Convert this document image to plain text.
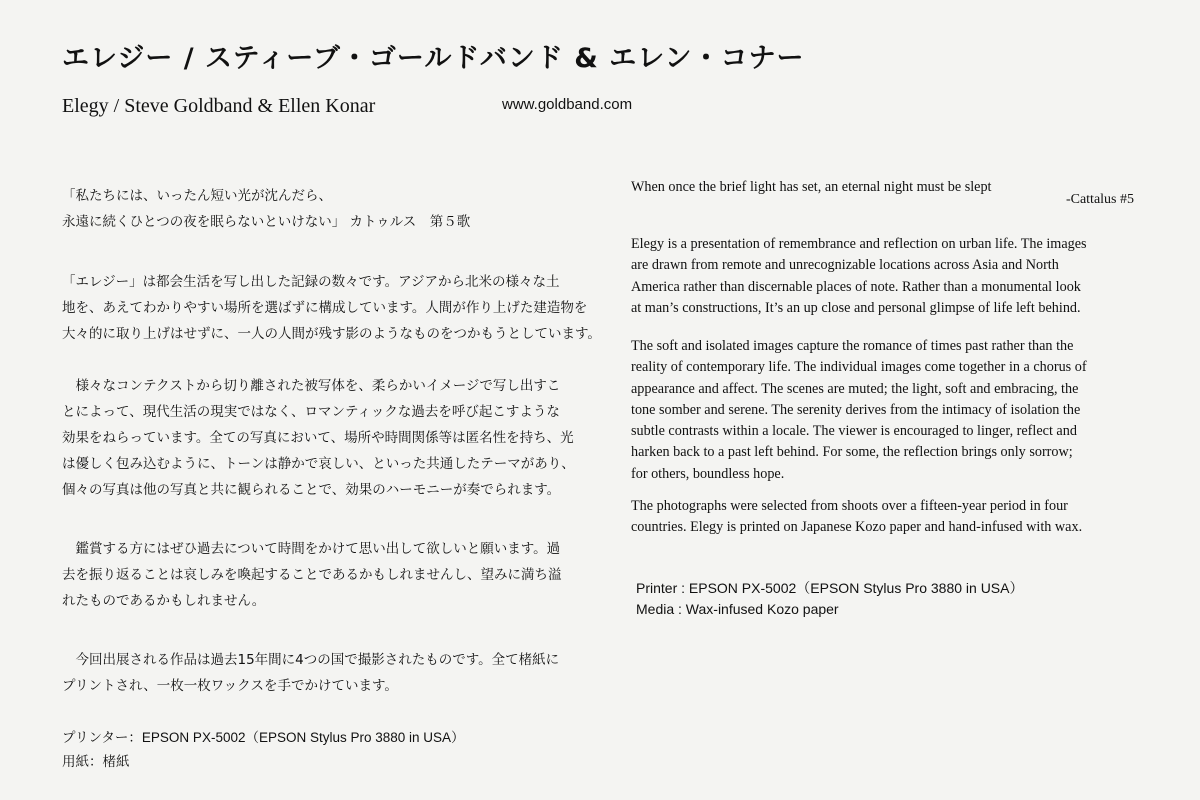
エレジー / スティーブ・ゴールドバンド & エレン・コナー
Elegy / Steve Goldband & Ellen Konar	www.goldband.com

「私たちには、いったん短い光が沈んだら、

永遠に続くひとつの夜を眠らないといけない」 カトゥルス　第５歌

「エレジー」は都会生活を写し出した記録の数々です。アジアから北米の様々な土

地を、あえてわかりやすい場所を選ばずに構成しています。人間が作り上げた建造物を

大々的に取り上げはせずに、一人の人間が残す影のようなものをつかもうとしています。

　様々なコンテクストから切り離された被写体を、柔らかいイメージで写し出すこ

とによって、現代生活の現実ではなく、ロマンティックな過去を呼び起こすような

効果をねらっています。全ての写真において、場所や時間関係等は匿名性を持ち、光

は優しく包み込むように、トーンは静かで哀しい、といった共通したテーマがあり、

個々の写真は他の写真と共に観られることで、効果のハーモニーが奏でられます。

　鑑賞する方にはぜひ過去について時間をかけて思い出して欲しいと願います。過

去を振り返ることは哀しみを喚起することであるかもしれませんし、望みに満ち溢

れたものであるかもしれません。

　今回出展される作品は過去15年間に4つの国で撮影されたものです。全て楮紙に

プリントされ、一枚一枚ワックスを手でかけています。

プリンター：EPSON PX-5002（EPSON Stylus Pro 3880 in USA）
用紙：楮紙
When once the brief light has set, an eternal night must be slept
-Cattalus #5

Elegy is a presentation of remembrance and reflection on urban life. The images

are drawn from remote and unrecognizable locations across Asia and North

America rather than discernable places of note. Rather than a monumental look

at man’s constructions, It’s an up close and personal glimpse of life left behind.

The soft and isolated images capture the romance of times past rather than the

reality of contemporary life. The individual images come together in a chorus of

appearance and affect. The scenes are muted; the light, soft and embracing, the

tone somber and serene. The serenity derives from the intimacy of isolation the

subtle contrasts within a locale. The viewer is encouraged to linger, reflect and

harken back to a past left behind. For some, the reflection brings only sorrow;

for others, boundless hope.

The photographs were selected from shoots over a fifteen-year period in four

countries. Elegy is printed on Japanese Kozo paper and hand-infused with wax.

Printer : EPSON PX-5002（EPSON Stylus Pro 3880 in USA）
Media : Wax-infused Kozo paper
